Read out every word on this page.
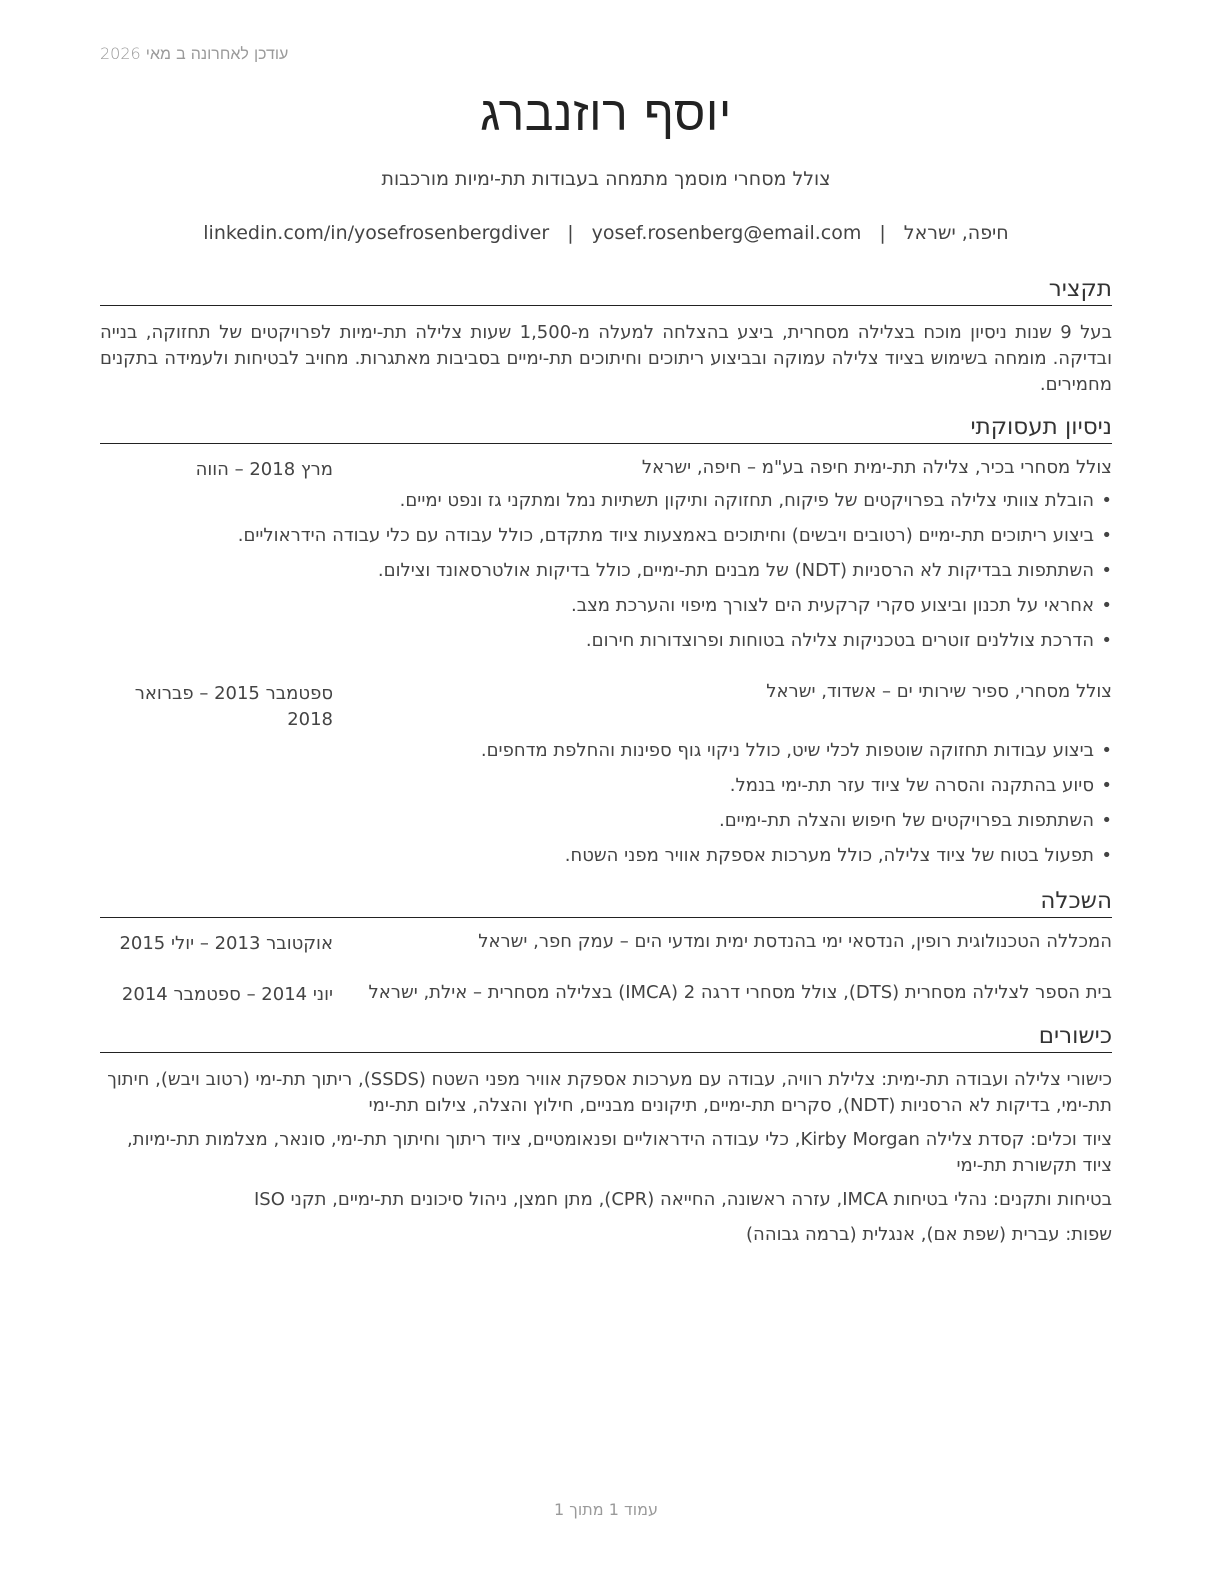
עודכן לאחרונה ב מאי 2026
יוסף רוזנברג
צולל מסחרי מוסמך מתמחה בעבודות תת-ימיות מורכבות
חיפה, ישראל
|
yosef.rosenberg@email.com
|
linkedin.com/in/yosefrosenbergdiver
תקציר
בעל 9 שנות ניסיון מוכח בצלילה מסחרית, ביצע בהצלחה למעלה מ-1,500 שעות צלילה תת-ימיות לפרויקטים של תחזוקה, בנייה ובדיקה. מומחה בשימוש בציוד צלילה עמוקה ובביצוע ריתוכים וחיתוכים תת-ימיים בסביבות מאתגרות. מחויב לבטיחות ולעמידה בתקנים מחמירים.
ניסיון תעסוקתי
צולל מסחרי בכיר, צלילה תת-ימית חיפה בע"מ – חיפה, ישראל
מרץ 2018 – הווה
• הובלת צוותי צלילה בפרויקטים של פיקוח, תחזוקה ותיקון תשתיות נמל ומתקני גז ונפט ימיים.
• ביצוע ריתוכים תת-ימיים (רטובים ויבשים) וחיתוכים באמצעות ציוד מתקדם, כולל עבודה עם כלי עבודה הידראוליים.
• השתתפות בבדיקות לא הרסניות (NDT) של מבנים תת-ימיים, כולל בדיקות אולטרסאונד וצילום.
• אחראי על תכנון וביצוע סקרי קרקעית הים לצורך מיפוי והערכת מצב.
• הדרכת צוללנים זוטרים בטכניקות צלילה בטוחות ופרוצדורות חירום.
צולל מסחרי, ספיר שירותי ים – אשדוד, ישראל
ספטמבר 2015 – פברואר 2018
• ביצוע עבודות תחזוקה שוטפות לכלי שיט, כולל ניקוי גוף ספינות והחלפת מדחפים.
• סיוע בהתקנה והסרה של ציוד עזר תת-ימי בנמל.
• השתתפות בפרויקטים של חיפוש והצלה תת-ימיים.
• תפעול בטוח של ציוד צלילה, כולל מערכות אספקת אוויר מפני השטח.
השכלה
המכללה הטכנולוגית רופין, הנדסאי ימי בהנדסת ימית ומדעי הים – עמק חפר, ישראל
אוקטובר 2013 – יולי 2015
בית הספר לצלילה מסחרית (DTS), צולל מסחרי דרגה 2 (IMCA) בצלילה מסחרית – אילת, ישראל
יוני 2014 – ספטמבר 2014
כישורים
כישורי צלילה ועבודה תת-ימית: צלילת רוויה, עבודה עם מערכות אספקת אוויר מפני השטח (SSDS), ריתוך תת-ימי (רטוב ויבש), חיתוך תת-ימי, בדיקות לא הרסניות (NDT), סקרים תת-ימיים, תיקונים מבניים, חילוץ והצלה, צילום תת-ימי
ציוד וכלים: קסדת צלילה Kirby Morgan, כלי עבודה הידראוליים ופנאומטיים, ציוד ריתוך וחיתוך תת-ימי, סונאר, מצלמות תת-ימיות, ציוד תקשורת תת-ימי
בטיחות ותקנים: נהלי בטיחות IMCA, עזרה ראשונה, החייאה (CPR), מתן חמצן, ניהול סיכונים תת-ימיים, תקני ISO
שפות: עברית (שפת אם), אנגלית (ברמה גבוהה)
עמוד 1 מתוך 1
